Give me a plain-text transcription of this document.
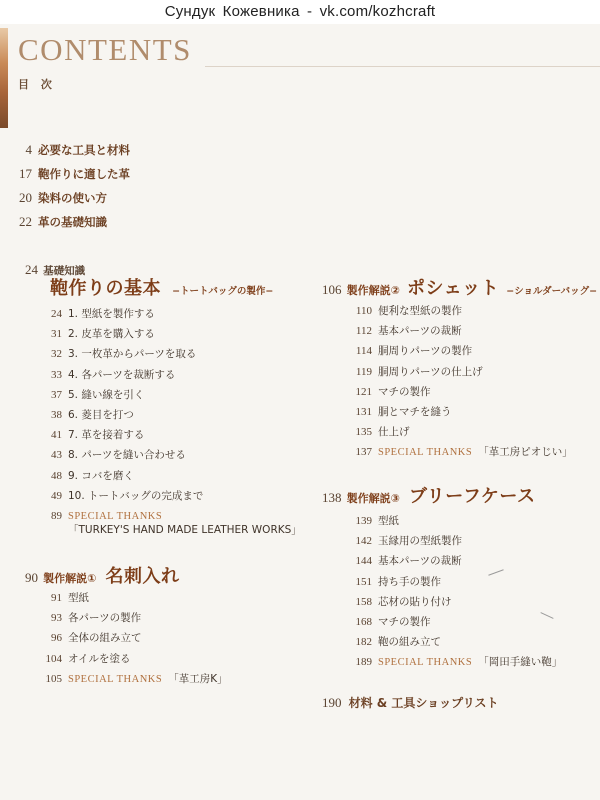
Сундук Кожевника - vk.com/kozhcraft
CONTENTS
目 次
4 必要な工具と材料
17 鞄作りに適した革
20 染料の使い方
22 革の基礎知識
24 基礎知識
鞄作りの基本 −トートバッグの製作−
24 1. 型紙を製作する
31 2. 皮革を購入する
32 3. 一枚革からパーツを取る
33 4. 各パーツを裁断する
37 5. 縫い線を引く
38 6. 菱目を打つ
41 7. 革を接着する
43 8. パーツを縫い合わせる
48 9. コバを磨く
49 10. トートバッグの完成まで
89 SPECIAL THANKS
「TURKEY'S HAND MADE LEATHER WORKS」
90 製作解説① 名刺入れ
91 型紙
93 各パーツの製作
96 全体の組み立て
104 オイルを塗る
105 SPECIAL THANKS 「革工房K」
106 製作解説② ポシェット −ショルダーバッグ−
110 便利な型紙の製作
112 基本パーツの裁断
114 胴周りパーツの製作
119 胴周りパーツの仕上げ
121 マチの製作
131 胴とマチを縫う
135 仕上げ
137 SPECIAL THANKS 「革工房ピオじい」
138 製作解説③ ブリーフケース
139 型紙
142 玉縁用の型紙製作
144 基本パーツの裁断
151 持ち手の製作
158 芯材の貼り付け
168 マチの製作
182 鞄の組み立て
189 SPECIAL THANKS 「岡田手縫い鞄」
190 材料 & 工具ショップリスト
